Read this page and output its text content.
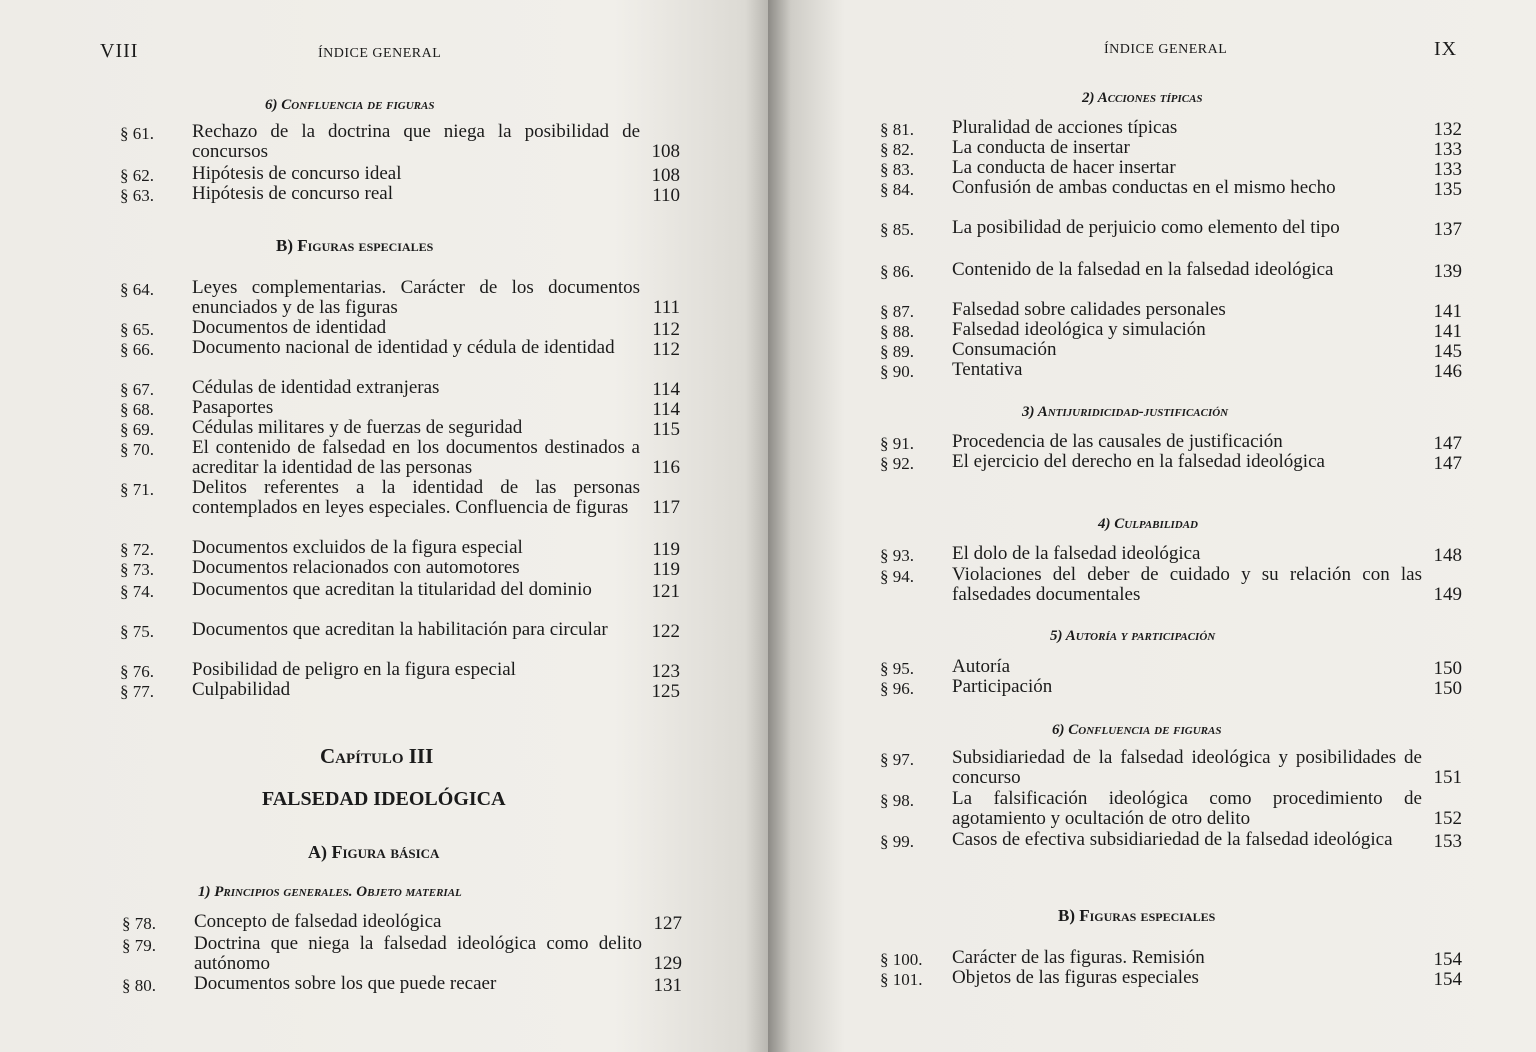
VIII	ÍNDICE GENERAL
6) Confluencia de figuras
§ 61.	Rechazo de la doctrina que niega la posibilidad de concursos	108
§ 62.	Hipótesis de concurso ideal	108
§ 63.	Hipótesis de concurso real	110
B) Figuras especiales
§ 64.	Leyes complementarias. Carácter de los documentos enunciados y de las figuras	111
§ 65.	Documentos de identidad	112
§ 66.	Documento nacional de identidad y cédula de identidad	112
§ 67.	Cédulas de identidad extranjeras	114
§ 68.	Pasaportes	114
§ 69.	Cédulas militares y de fuerzas de seguridad	115
§ 70.	El contenido de falsedad en los documentos destinados a acreditar la identidad de las personas	116
§ 71.	Delitos referentes a la identidad de las personas contemplados en leyes especiales. Confluencia de figuras	117
§ 72.	Documentos excluidos de la figura especial	119
§ 73.	Documentos relacionados con automotores	119
§ 74.	Documentos que acreditan la titularidad del dominio	121
§ 75.	Documentos que acreditan la habilitación para circular	122
§ 76.	Posibilidad de peligro en la figura especial	123
§ 77.	Culpabilidad	125
Capítulo III
FALSEDAD IDEOLÓGICA
A) Figura básica
1) Principios generales. Objeto material
§ 78.	Concepto de falsedad ideológica	127
§ 79.	Doctrina que niega la falsedad ideológica como delito autónomo	129
§ 80.	Documentos sobre los que puede recaer	131
ÍNDICE GENERAL	IX
2) Acciones típicas
§ 81.	Pluralidad de acciones típicas	132
§ 82.	La conducta de insertar	133
§ 83.	La conducta de hacer insertar	133
§ 84.	Confusión de ambas conductas en el mismo hecho	135
§ 85.	La posibilidad de perjuicio como elemento del tipo	137
§ 86.	Contenido de la falsedad en la falsedad ideológica	139
§ 87.	Falsedad sobre calidades personales	141
§ 88.	Falsedad ideológica y simulación	141
§ 89.	Consumación	145
§ 90.	Tentativa	146
3) Antijuridicidad-justificación
§ 91.	Procedencia de las causales de justificación	147
§ 92.	El ejercicio del derecho en la falsedad ideológica	147
4) Culpabilidad
§ 93.	El dolo de la falsedad ideológica	148
§ 94.	Violaciones del deber de cuidado y su relación con las falsedades documentales	149
5) Autoría y participación
§ 95.	Autoría	150
§ 96.	Participación	150
6) Confluencia de figuras
§ 97.	Subsidiariedad de la falsedad ideológica y posibilidades de concurso	151
§ 98.	La falsificación ideológica como procedimiento de agotamiento y ocultación de otro delito	152
§ 99.	Casos de efectiva subsidiariedad de la falsedad ideológica	153
B) Figuras especiales
§ 100.	Carácter de las figuras. Remisión	154
§ 101.	Objetos de las figuras especiales	154
